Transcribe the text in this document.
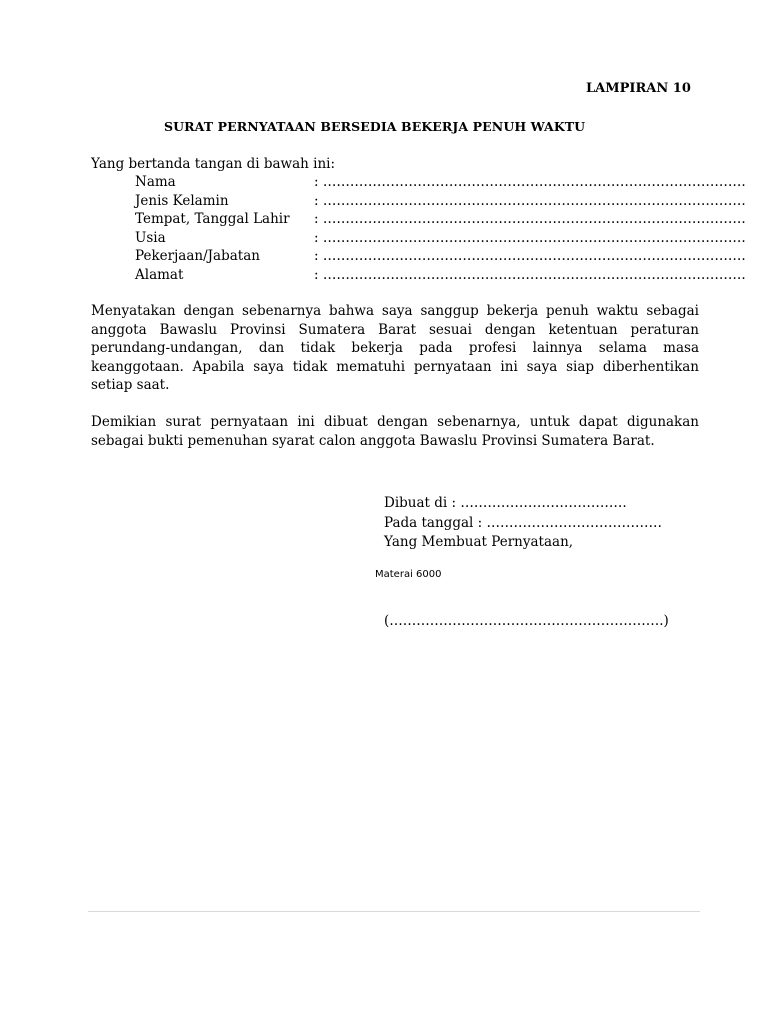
LAMPIRAN 10
SURAT PERNYATAAN BERSEDIA BEKERJA PENUH WAKTU
Yang bertanda tangan di bawah ini:
Nama	: ………………………………………………………………………………….
Jenis Kelamin	: ………………………………………………………………………………….
Tempat, Tanggal Lahir : ………………………………………………………………………………….
Usia	: ………………………………………………………………………………….
Pekerjaan/Jabatan	: ………………………………………………………………………………….
Alamat	: ………………………………………………………………………………….

Menyatakan dengan sebenarnya bahwa saya sanggup bekerja penuh waktu sebagai anggota Bawaslu Provinsi Sumatera Barat sesuai dengan ketentuan peraturan perundang-undangan, dan tidak bekerja pada profesi lainnya selama masa keanggotaan. Apabila saya tidak mematuhi pernyataan ini saya siap diberhentikan setiap saat.

Demikian surat pernyataan ini dibuat dengan sebenarnya, untuk dapat digunakan sebagai bukti pemenuhan syarat calon anggota Bawaslu Provinsi Sumatera Barat.

Dibuat di : ……………………………….
Pada tanggal : …………………………………
Yang Membuat Pernyataan,
Materai 6000
(…………………………………………………….)
